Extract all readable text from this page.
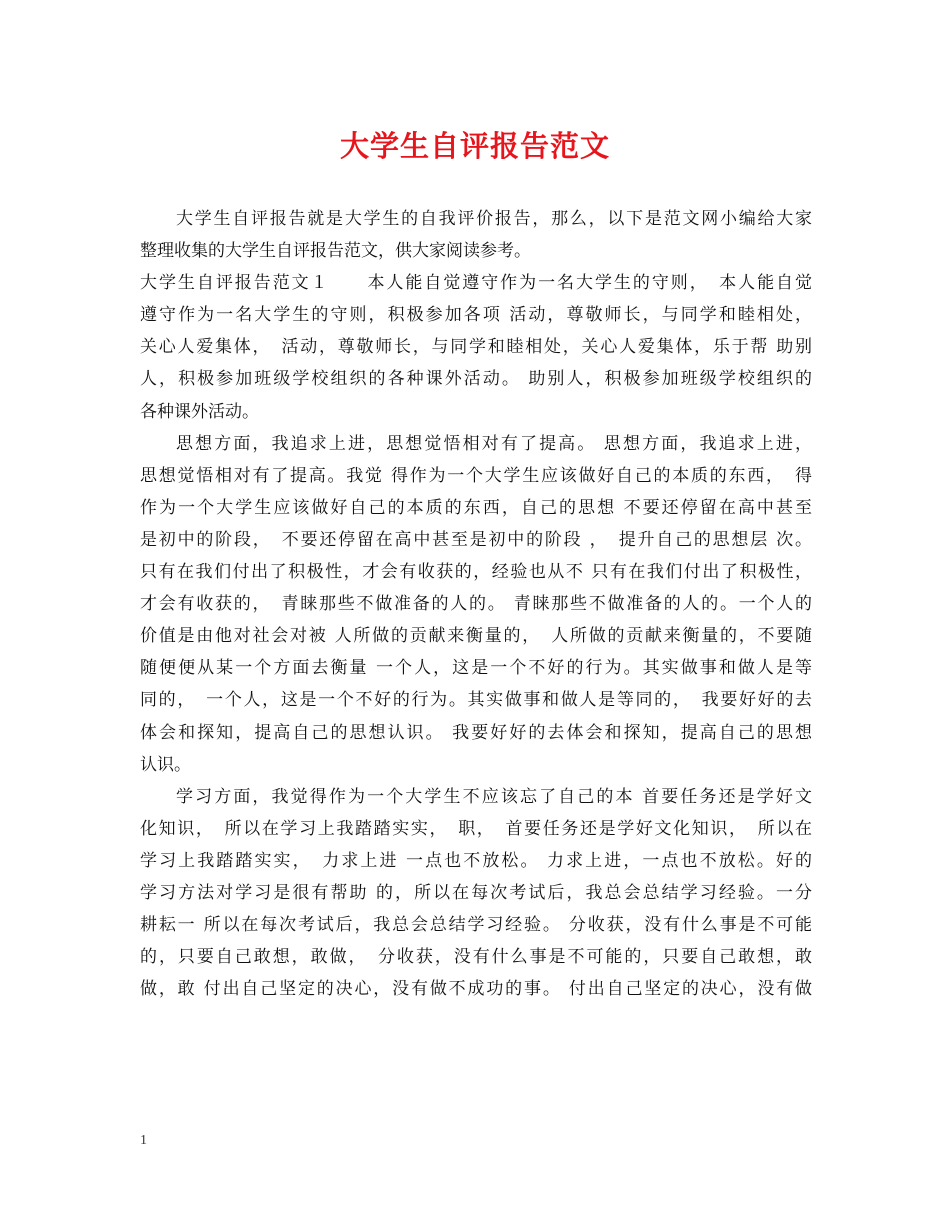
大学生自评报告范文
大学生自评报告就是大学生的自我评价报告，那么，以下是范文网小编给大家
整理收集的大学生自评报告范文，供大家阅读参考。
大学生自评报告范文１　　本人能自觉遵守作为一名大学生的守则，　本人能自觉
遵守作为一名大学生的守则，积极参加各项 活动，尊敬师长，与同学和睦相处，
关心人爱集体，　活动，尊敬师长，与同学和睦相处，关心人爱集体，乐于帮 助别
人，积极参加班级学校组织的各种课外活动。 助别人，积极参加班级学校组织的
各种课外活动。
思想方面，我追求上进，思想觉悟相对有了提高。 思想方面，我追求上进，
思想觉悟相对有了提高。我觉 得作为一个大学生应该做好自己的本质的东西，　得
作为一个大学生应该做好自己的本质的东西，自己的思想 不要还停留在高中甚至
是初中的阶段，　不要还停留在高中甚至是初中的阶段 ，　提升自己的思想层 次。
只有在我们付出了积极性，才会有收获的，经验也从不 只有在我们付出了积极性，
才会有收获的，　青睐那些不做准备的人的。 青睐那些不做准备的人的。一个人的
价值是由他对社会对被 人所做的贡献来衡量的，　人所做的贡献来衡量的，不要随
随便便从某一个方面去衡量 一个人，这是一个不好的行为。其实做事和做人是等
同的，　一个人，这是一个不好的行为。其实做事和做人是等同的，　我要好好的去
体会和探知，提高自己的思想认识。 我要好好的去体会和探知，提高自己的思想
认识。
学习方面，我觉得作为一个大学生不应该忘了自己的本 首要任务还是学好文
化知识，　所以在学习上我踏踏实实，　职，　首要任务还是学好文化知识，　所以在
学习上我踏踏实实，　力求上进 一点也不放松。 力求上进，一点也不放松。好的
学习方法对学习是很有帮助 的，所以在每次考试后，我总会总结学习经验。一分
耕耘一 所以在每次考试后，我总会总结学习经验。 分收获，没有什么事是不可能
的，只要自己敢想，敢做，　分收获，没有什么事是不可能的，只要自己敢想，敢
做，敢 付出自己坚定的决心，没有做不成功的事。 付出自己坚定的决心，没有做
1
